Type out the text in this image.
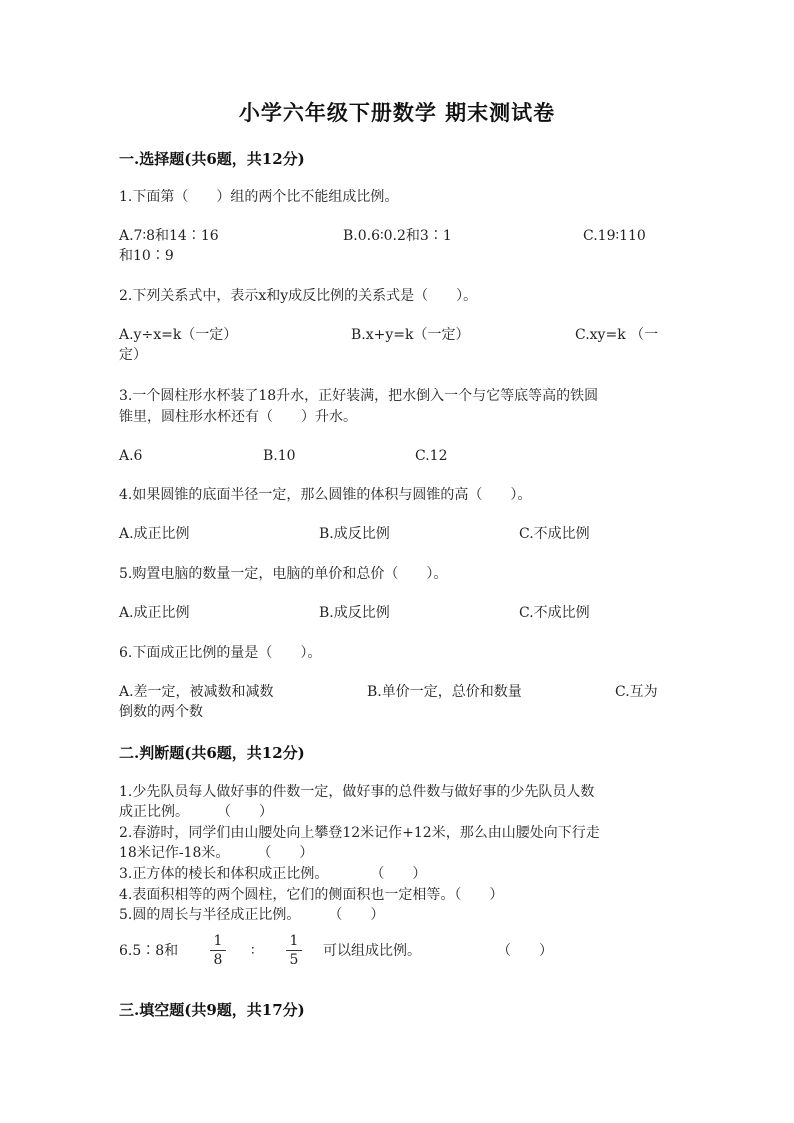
小学六年级下册数学 期末测试卷
一.选择题(共6题，共12分)
1.下面第（　　）组的两个比不能组成比例。
A.7∶8和14∶16	B.0.6∶0.2和3∶1	C.19∶110
和10∶9
2.下列关系式中，表示x和y成反比例的关系式是（　　）。
A.y÷x=k（一定）	B.x+y=k（一定）	C.xy=k （一
定）
3.一个圆柱形水杯装了18升水，正好装满，把水倒入一个与它等底等高的铁圆
锥里，圆柱形水杯还有（　　）升水。
A.6	B.10	C.12
4.如果圆锥的底面半径一定，那么圆锥的体积与圆锥的高（　　）。
A.成正比例	B.成反比例	C.不成比例
5.购置电脑的数量一定，电脑的单价和总价（　　）。
A.成正比例	B.成反比例	C.不成比例
6.下面成正比例的量是（　　）。
A.差一定，被减数和减数	B.单价一定，总价和数量	C.互为
倒数的两个数
二.判断题(共6题，共12分)
1.少先队员每人做好事的件数一定，做好事的总件数与做好事的少先队员人数
成正比例。　　　（　　）
2.春游时，同学们由山腰处向上攀登12米记作+12米，那么由山腰处向下行走
18米记作-18米。　　　（　　）
3.正方体的棱长和体积成正比例。　　　　（　　）
4.表面积相等的两个圆柱，它们的侧面积也一定相等。（　　）
5.圆的周长与半径成正比例。　　　（　　）
6.5∶8和
1
8
∶
1
5
可以组成比例。	（　　）
三.填空题(共9题，共17分)
